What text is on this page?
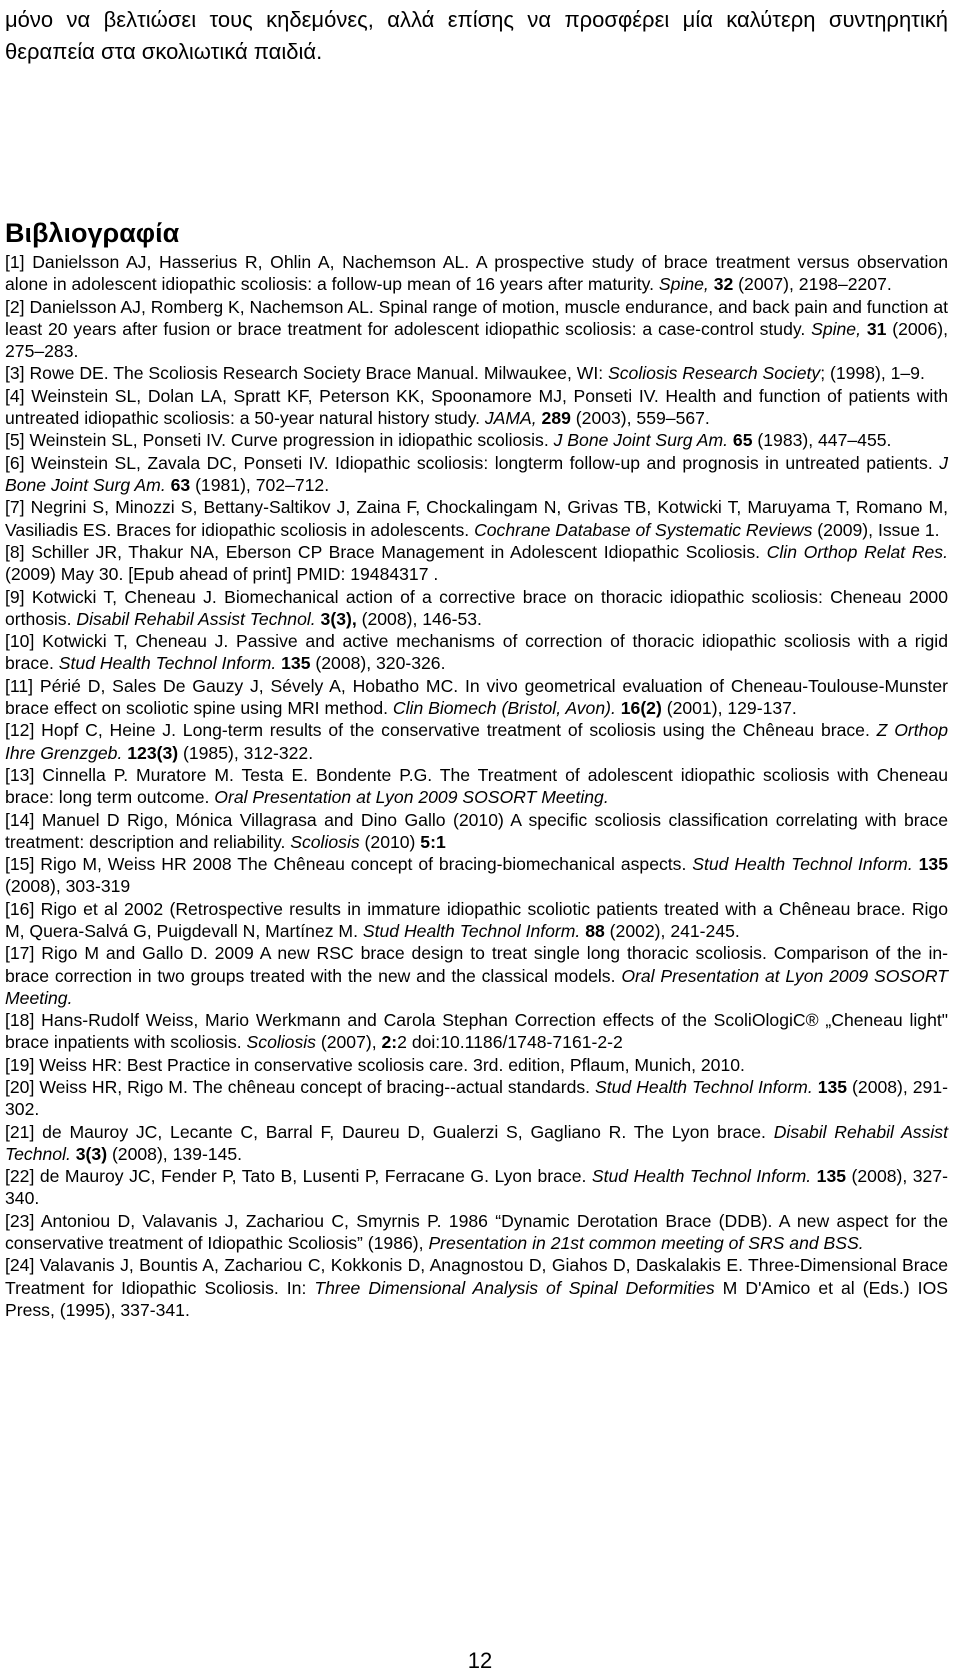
μόνο να βελτιώσει τους κηδεμόνες, αλλά επίσης να προσφέρει μία καλύτερη συντηρητική θεραπεία στα σκολιωτικά παιδιά.

Βιβλιογραφία

[1] Danielsson AJ, Hasserius R, Ohlin A, Nachemson AL. A prospective study of brace treatment versus observation alone in adolescent idiopathic scoliosis: a follow-up mean of 16 years after maturity. Spine, 32 (2007), 2198–2207.

[2] Danielsson AJ, Romberg K, Nachemson AL. Spinal range of motion, muscle endurance, and back pain and function at least 20 years after fusion or brace treatment for adolescent idiopathic scoliosis: a case-control study. Spine, 31 (2006), 275–283.

[3] Rowe DE. The Scoliosis Research Society Brace Manual. Milwaukee, WI: Scoliosis Research Society; (1998), 1–9.

[4] Weinstein SL, Dolan LA, Spratt KF, Peterson KK, Spoonamore MJ, Ponseti IV. Health and function of patients with untreated idiopathic scoliosis: a 50-year natural history study. JAMA, 289 (2003), 559–567.

[5] Weinstein SL, Ponseti IV. Curve progression in idiopathic scoliosis. J Bone Joint Surg Am. 65 (1983), 447–455.

[6] Weinstein SL, Zavala DC, Ponseti IV. Idiopathic scoliosis: longterm follow-up and prognosis in untreated patients. J Bone Joint Surg Am. 63 (1981), 702–712.

[7] Negrini S, Minozzi S, Bettany-Saltikov J, Zaina F, Chockalingam N, Grivas TB, Kotwicki T, Maruyama T, Romano M, Vasiliadis ES. Braces for idiopathic scoliosis in adolescents. Cochrane Database of Systematic Reviews (2009), Issue 1.

[8] Schiller JR, Thakur NA, Eberson CP Brace Management in Adolescent Idiopathic Scoliosis. Clin Orthop Relat Res. (2009) May 30. [Epub ahead of print] PMID: 19484317 .

[9] Kotwicki T, Cheneau J. Biomechanical action of a corrective brace on thoracic idiopathic scoliosis: Cheneau 2000 orthosis. Disabil Rehabil Assist Technol. 3(3), (2008), 146-53.

[10] Kotwicki T, Cheneau J. Passive and active mechanisms of correction of thoracic idiopathic scoliosis with a rigid brace. Stud Health Technol Inform. 135 (2008), 320-326.

[11] Périé D, Sales De Gauzy J, Sévely A, Hobatho MC. In vivo geometrical evaluation of Cheneau-Toulouse-Munster brace effect on scoliotic spine using MRI method. Clin Biomech (Bristol, Avon). 16(2) (2001), 129-137.

[12] Hopf C, Heine J. Long-term results of the conservative treatment of scoliosis using the Chêneau brace. Z Orthop Ihre Grenzgeb. 123(3) (1985), 312-322.

[13] Cinnella P. Muratore M. Testa E. Bondente P.G. The Treatment of adolescent idiopathic scoliosis with Cheneau brace: long term outcome. Oral Presentation at Lyon 2009 SOSORT Meeting.

[14] Manuel D Rigo, Mónica Villagrasa and Dino Gallo (2010) A specific scoliosis classification correlating with brace treatment: description and reliability. Scoliosis (2010) 5:1

[15] Rigo M, Weiss HR 2008 The Chêneau concept of bracing-biomechanical aspects. Stud Health Technol Inform. 135 (2008), 303-319

[16] Rigo et al 2002 (Retrospective results in immature idiopathic scoliotic patients treated with a Chêneau brace. Rigo M, Querа-Salvá G, Puigdevall N, Martínez M. Stud Health Technol Inform. 88 (2002), 241-245.

[17] Rigo M and Gallo D. 2009 A new RSC brace design to treat single long thoracic scoliosis. Comparison of the in-brace correction in two groups treated with the new and the classical models. Oral Presentation at Lyon 2009 SOSORT Meeting.

[18] Hans-Rudolf Weiss, Mario Werkmann and Carola Stephan Correction effects of the ScoliOlogiC® „Cheneau light" brace inpatients with scoliosis. Scoliosis (2007), 2:2 doi:10.1186/1748-7161-2-2

[19] Weiss HR: Best Practice in conservative scoliosis care. 3rd. edition, Pflaum, Munich, 2010.

[20] Weiss HR, Rigo M. The chêneau concept of bracing--actual standards. Stud Health Technol Inform. 135 (2008), 291-302.

[21] de Mauroy JC, Lecante C, Barral F, Daureu D, Gualerzi S, Gagliano R. The Lyon brace. Disabil Rehabil Assist Technol. 3(3) (2008), 139-145.

[22] de Mauroy JC, Fender P, Tato B, Lusenti P, Ferracane G. Lyon brace. Stud Health Technol Inform. 135 (2008), 327-340.

[23] Antoniou D, Valavanis J, Zachariou C, Smyrnis P. 1986 “Dynamic Derotation Brace (DDB). A new aspect for the conservative treatment of Idiopathic Scoliosis” (1986), Presentation in 21st common meeting of SRS and BSS.

[24] Valavanis J, Bountis A, Zachariou C, Kokkonis D, Anagnostou D, Giahos D, Daskalakis E. Three-Dimensional Brace Treatment for Idiopathic Scoliosis. In: Three Dimensional Analysis of Spinal Deformities M D'Amico et al (Eds.) IOS Press, (1995), 337-341.

12
